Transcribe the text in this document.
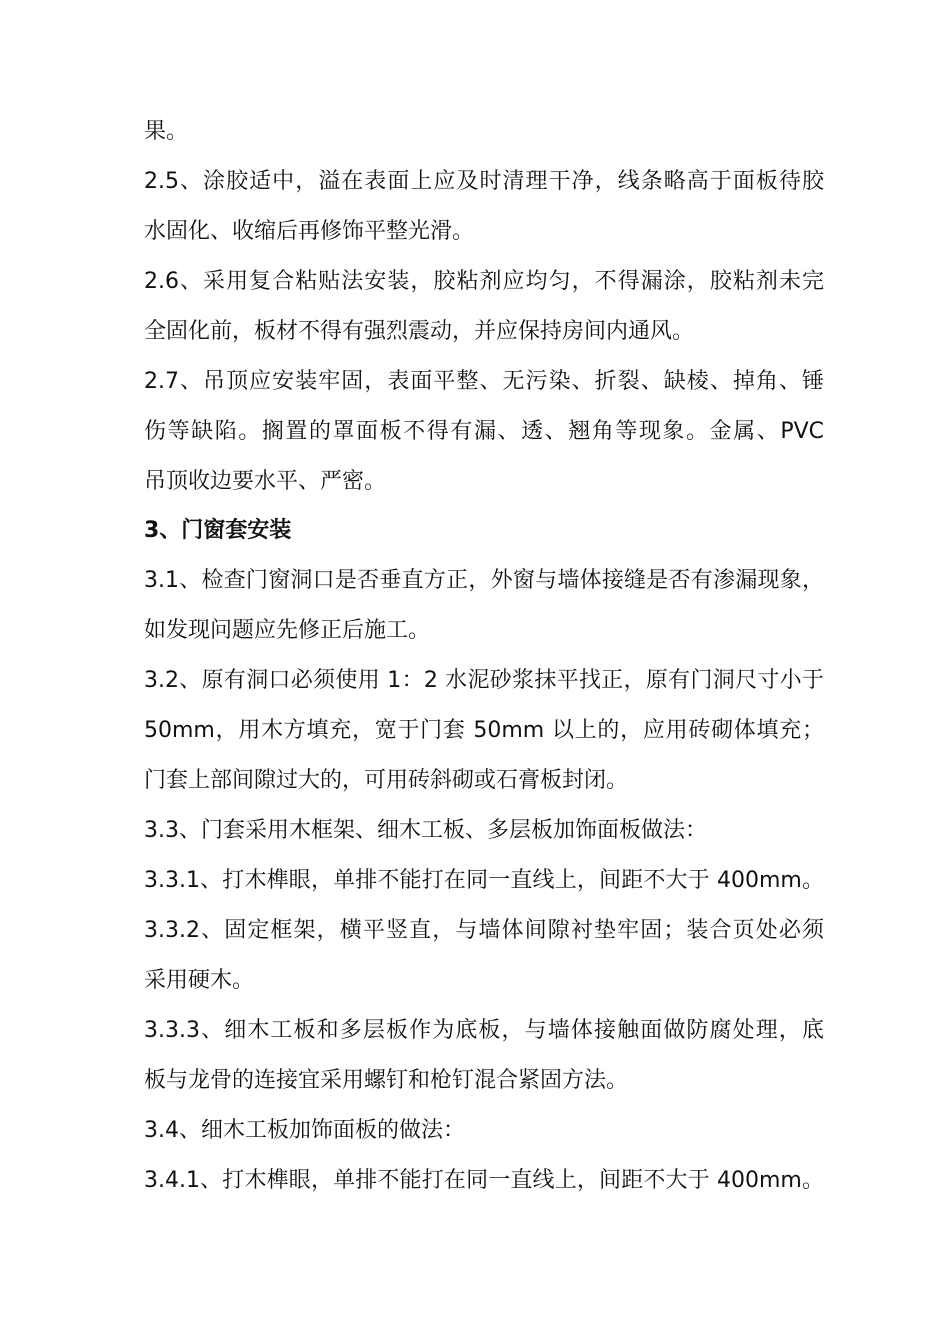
果。
2.5、涂胶适中，溢在表面上应及时清理干净，线条略高于面板待胶
水固化、收缩后再修饰平整光滑。
2.6、采用复合粘贴法安装，胶粘剂应均匀，不得漏涂，胶粘剂未完
全固化前，板材不得有强烈震动，并应保持房间内通风。
2.7、吊顶应安装牢固，表面平整、无污染、折裂、缺棱、掉角、锤
伤等缺陷。搁置的罩面板不得有漏、透、翘角等现象。金属、PVC
吊顶收边要水平、严密。
3、门窗套安装
3.1、检查门窗洞口是否垂直方正，外窗与墙体接缝是否有渗漏现象，
如发现问题应先修正后施工。
3.2、原有洞口必须使用 1：2 水泥砂浆抹平找正，原有门洞尺寸小于
50mm，用木方填充，宽于门套 50mm 以上的，应用砖砌体填充；
门套上部间隙过大的，可用砖斜砌或石膏板封闭。
3.3、门套采用木框架、细木工板、多层板加饰面板做法：
3.3.1、打木榫眼，单排不能打在同一直线上，间距不大于 400mm。
3.3.2、固定框架，横平竖直，与墙体间隙衬垫牢固；装合页处必须
采用硬木。
3.3.3、细木工板和多层板作为底板，与墙体接触面做防腐处理，底
板与龙骨的连接宜采用螺钉和枪钉混合紧固方法。
3.4、细木工板加饰面板的做法：
3.4.1、打木榫眼，单排不能打在同一直线上，间距不大于 400mm。
